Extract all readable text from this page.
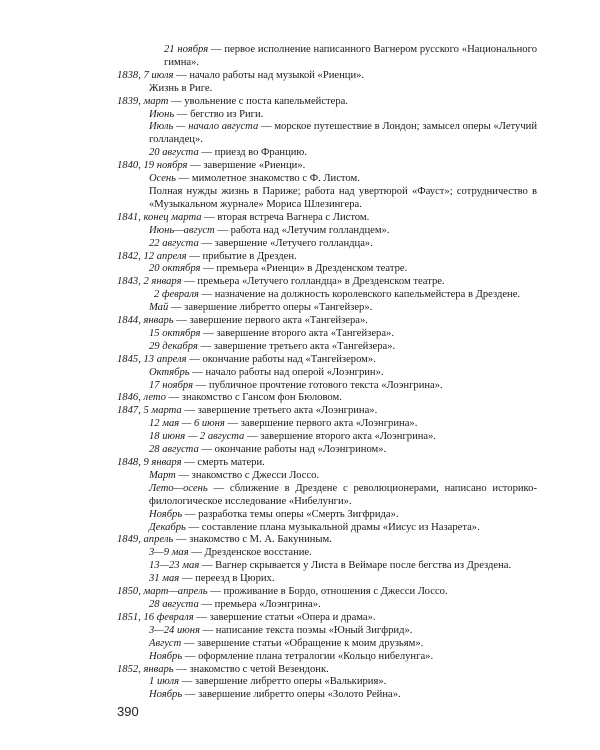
21 ноября — первое исполнение написанного Вагнером русского «Национального гимна».
1838, 7 июля — начало работы над музыкой «Риенци».
Жизнь в Риге.
1839, март — увольнение с поста капельмейстера.
Июнь — бегство из Риги.
Июль — начало августа — морское путешествие в Лондон; замысел оперы «Летучий голландец».
20 августа — приезд во Францию.
1840, 19 ноября — завершение «Риенци».
Осень — мимолетное знакомство с Ф. Листом.
Полная нужды жизнь в Париже; работа над увертюрой «Фауст»; сотрудничество в «Музыкальном журнале» Мориса Шлезингера.
1841, конец марта — вторая встреча Вагнера с Листом.
Июнь—август — работа над «Летучим голландцем».
22 августа — завершение «Летучего голландца».
1842, 12 апреля — прибытие в Дрезден.
20 октября — премьера «Риенци» в Дрезденском театре.
1843, 2 января — премьера «Летучего голландца» в Дрезденском театре.
2 февраля — назначение на должность королевского капельмейстера в Дрездене.
Май — завершение либретто оперы «Тангейзер».
1844, январь — завершение первого акта «Тангейзера».
15 октября — завершение второго акта «Тангейзера».
29 декабря — завершение третьего акта «Тангейзера».
1845, 13 апреля — окончание работы над «Тангейзером».
Октябрь — начало работы над оперой «Лоэнгрин».
17 ноября — публичное прочтение готового текста «Лоэнгрина».
1846, лето — знакомство с Гансом фон Бюловом.
1847, 5 марта — завершение третьего акта «Лоэнгрина».
12 мая — 6 июня — завершение первого акта «Лоэнгрина».
18 июня — 2 августа — завершение второго акта «Лоэнгрина».
28 августа — окончание работы над «Лоэнгрином».
1848, 9 января — смерть матери.
Март — знакомство с Джесси Лоссо.
Лето—осень — сближение в Дрездене с революционерами, написано историко-филологическое исследование «Нибелунги».
Ноябрь — разработка темы оперы «Смерть Зигфрида».
Декабрь — составление плана музыкальной драмы «Иисус из Назарета».
1849, апрель — знакомство с М. А. Бакуниным.
3—9 мая — Дрезденское восстание.
13—23 мая — Вагнер скрывается у Листа в Веймаре после бегства из Дрездена.
31 мая — переезд в Цюрих.
1850, март—апрель — проживание в Бордо, отношения с Джесси Лоссо.
28 августа — премьера «Лоэнгрина».
1851, 16 февраля — завершение статьи «Опера и драма».
3—24 июня — написание текста поэмы «Юный Зигфрид».
Август — завершение статьи «Обращение к моим друзьям».
Ноябрь — оформление плана тетралогии «Кольцо нибелунга».
1852, январь — знакомство с четой Везендонк.
1 июля — завершение либретто оперы «Валькирия».
Ноябрь — завершение либретто оперы «Золото Рейна».
390
